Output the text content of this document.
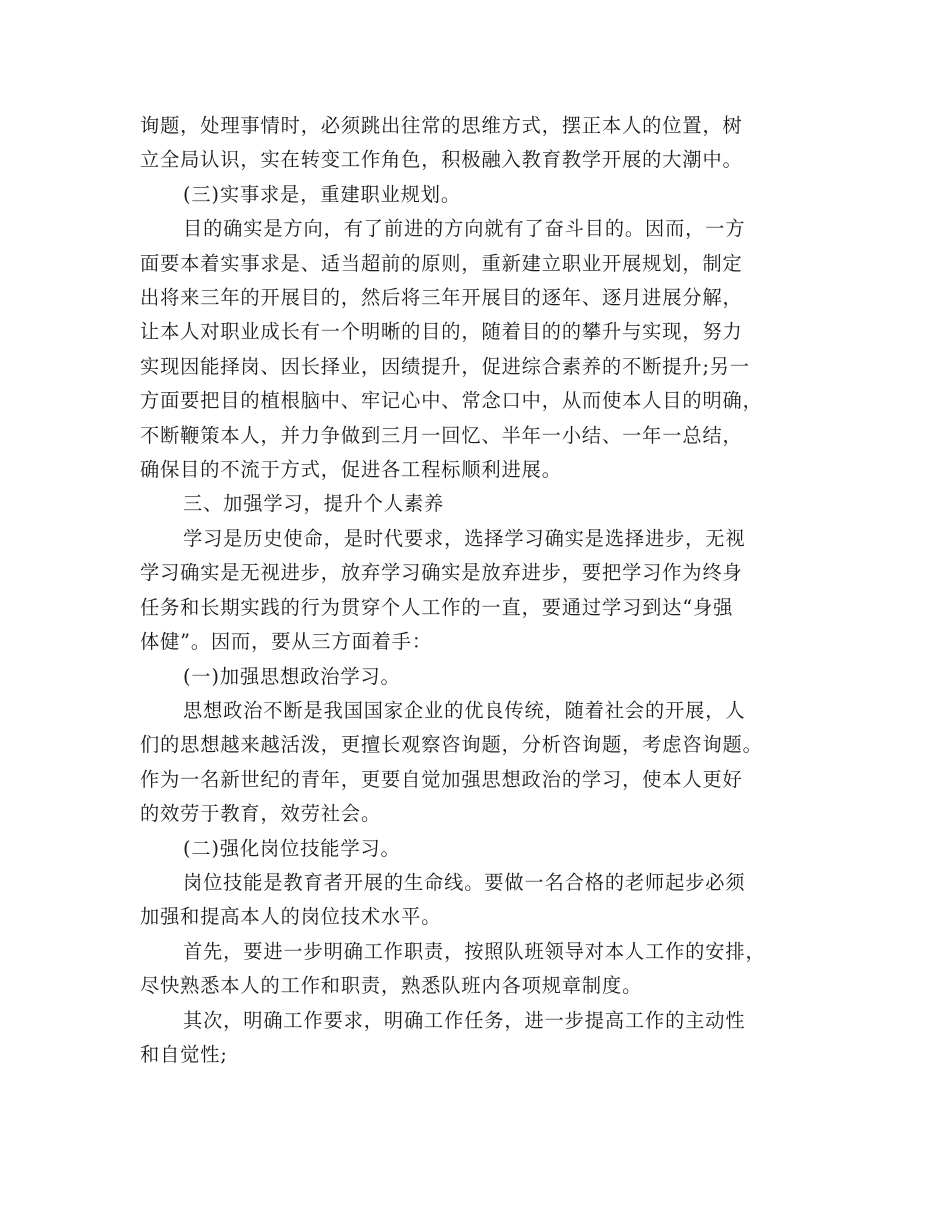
询题，处理事情时，必须跳出往常的思维方式，摆正本人的位置，树
立全局认识，实在转变工作角色，积极融入教育教学开展的大潮中。

(三)实事求是，重建职业规划。

目的确实是方向，有了前进的方向就有了奋斗目的。因而，一方
面要本着实事求是、适当超前的原则，重新建立职业开展规划，制定
出将来三年的开展目的，然后将三年开展目的逐年、逐月进展分解，
让本人对职业成长有一个明晰的目的，随着目的的攀升与实现，努力
实现因能择岗、因长择业，因绩提升，促进综合素养的不断提升;另一
方面要把目的植根脑中、牢记心中、常念口中，从而使本人目的明确，
不断鞭策本人，并力争做到三月一回忆、半年一小结、一年一总结，
确保目的不流于方式，促进各工程标顺利进展。

三、加强学习，提升个人素养

学习是历史使命，是时代要求，选择学习确实是选择进步，无视
学习确实是无视进步，放弃学习确实是放弃进步，要把学习作为终身
任务和长期实践的行为贯穿个人工作的一直，要通过学习到达“身强
体健”。因而，要从三方面着手：

(一)加强思想政治学习。

思想政治不断是我国国家企业的优良传统，随着社会的开展，人
们的思想越来越活泼，更擅长观察咨询题，分析咨询题，考虑咨询题。
作为一名新世纪的青年，更要自觉加强思想政治的学习，使本人更好
的效劳于教育，效劳社会。

(二)强化岗位技能学习。

岗位技能是教育者开展的生命线。要做一名合格的老师起步必须
加强和提高本人的岗位技术水平。

首先，要进一步明确工作职责，按照队班领导对本人工作的安排，
尽快熟悉本人的工作和职责，熟悉队班内各项规章制度。

其次，明确工作要求，明确工作任务，进一步提高工作的主动性
和自觉性;
